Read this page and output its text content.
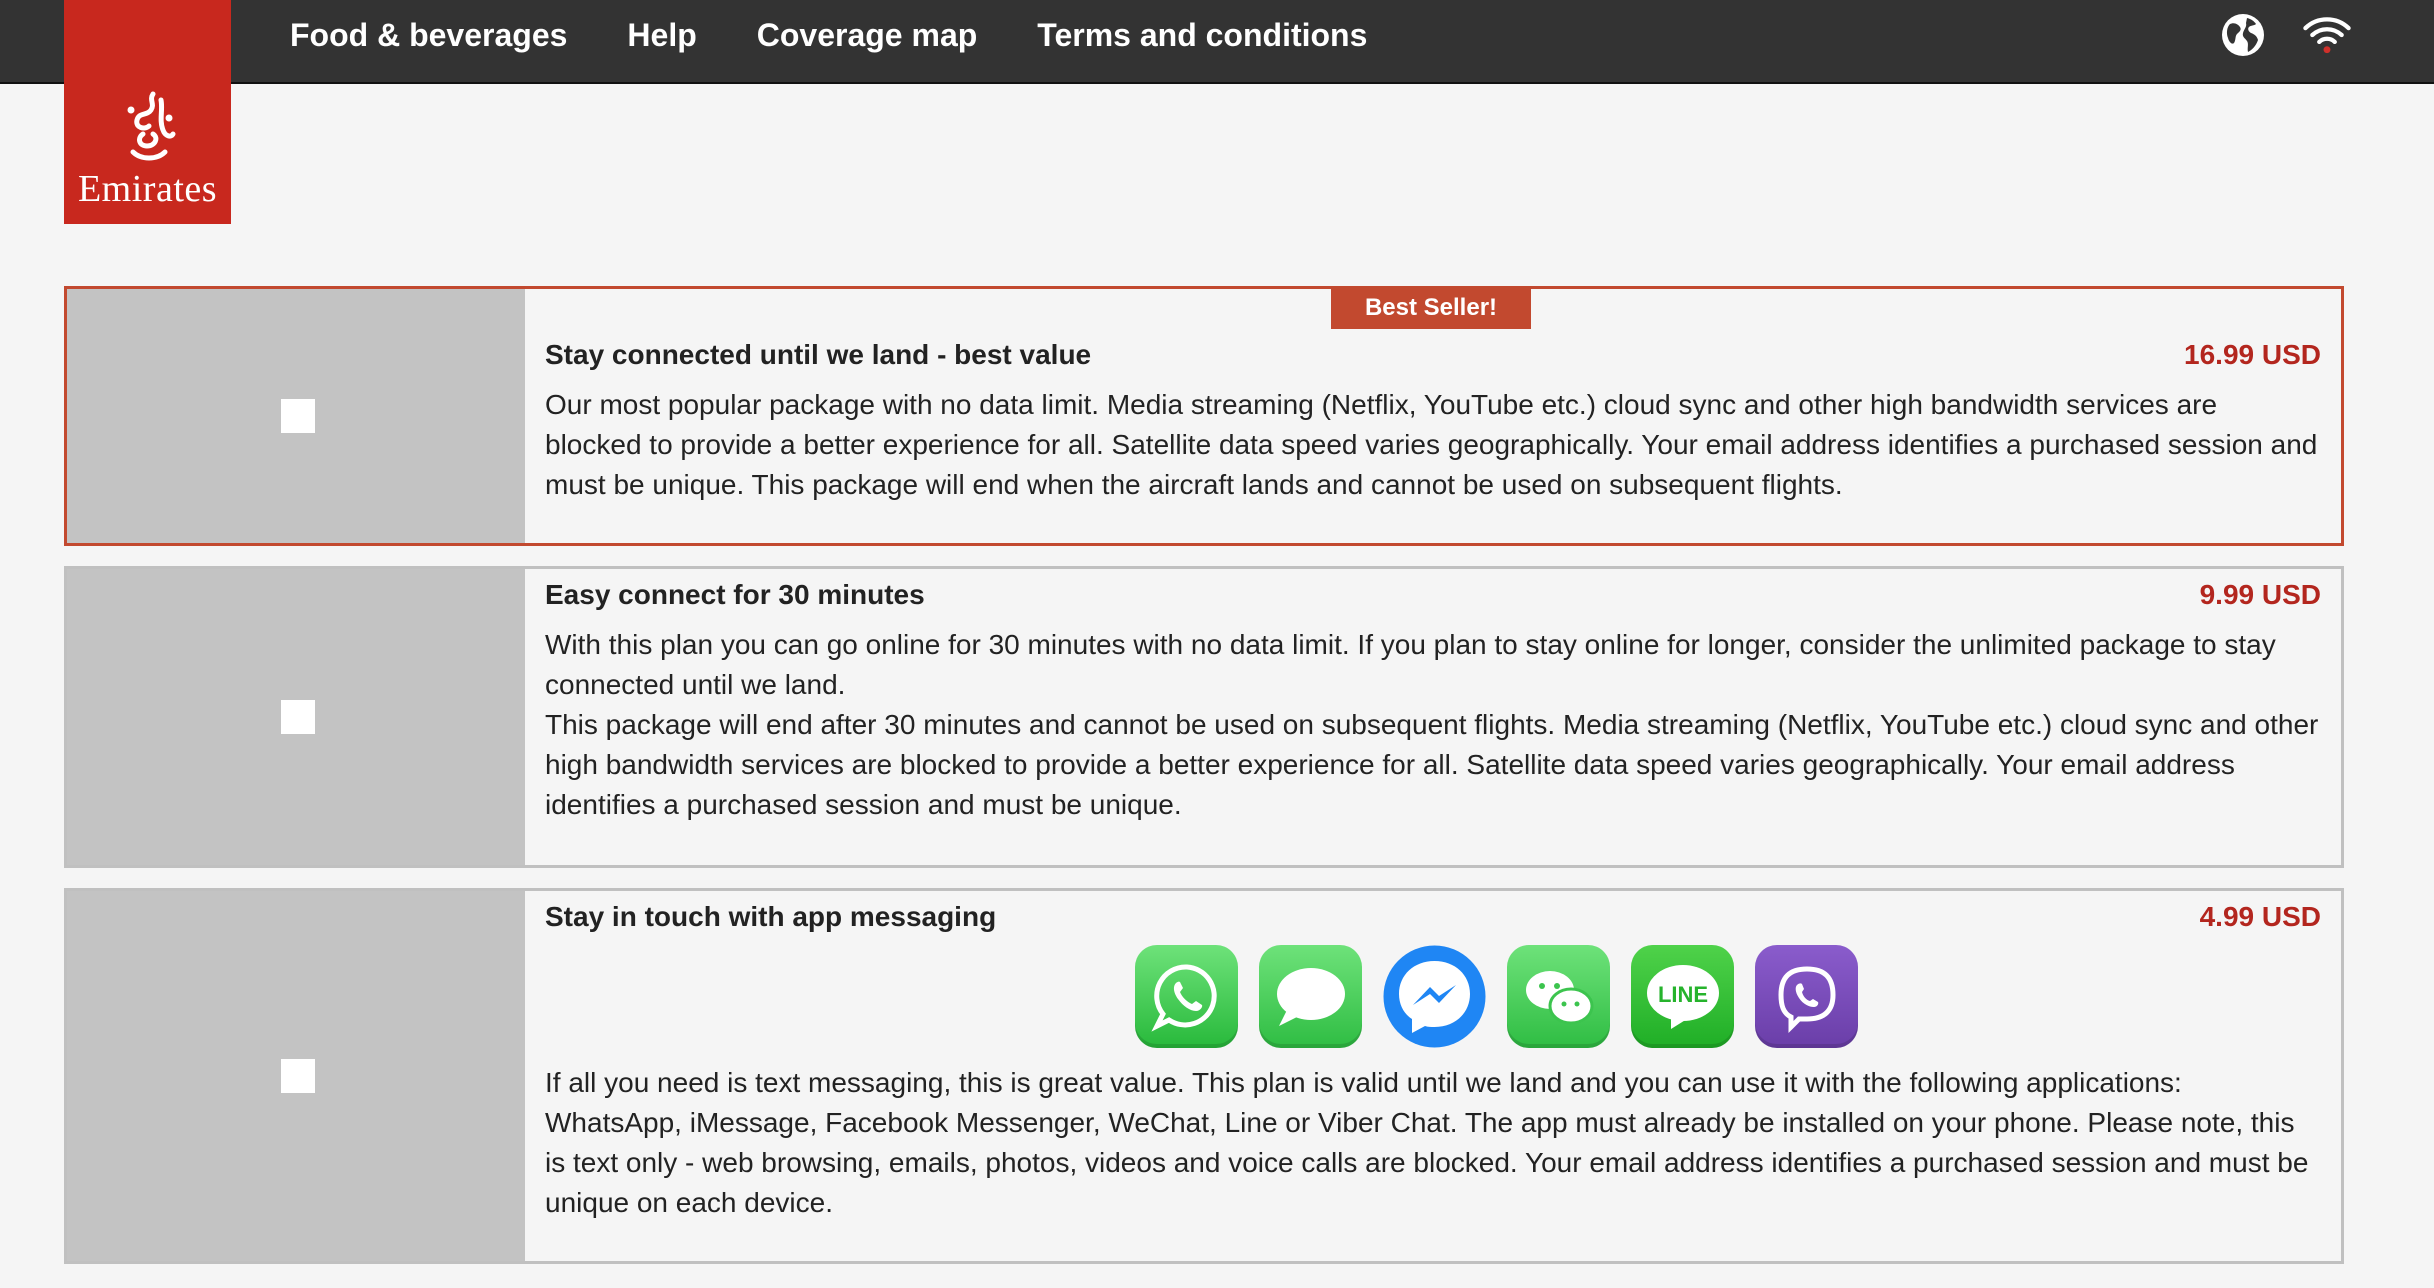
Food & beverages Help Coverage map Terms and conditions
Emirates
Best Seller!
Stay connected until we land - best value	16.99 USD
Our most popular package with no data limit. Media streaming (Netflix, YouTube etc.) cloud sync and other high bandwidth services are blocked to provide a better experience for all. Satellite data speed varies geographically. Your email address identifies a purchased session and must be unique. This package will end when the aircraft lands and cannot be used on subsequent flights.
Easy connect for 30 minutes	9.99 USD
With this plan you can go online for 30 minutes with no data limit. If you plan to stay online for longer, consider the unlimited package to stay connected until we land.
This package will end after 30 minutes and cannot be used on subsequent flights. Media streaming (Netflix, YouTube etc.) cloud sync and other high bandwidth services are blocked to provide a better experience for all. Satellite data speed varies geographically. Your email address identifies a purchased session and must be unique.
Stay in touch with app messaging	4.99 USD
LINE
If all you need is text messaging, this is great value. This plan is valid until we land and you can use it with the following applications: WhatsApp, iMessage, Facebook Messenger, WeChat, Line or Viber Chat. The app must already be installed on your phone. Please note, this is text only - web browsing, emails, photos, videos and voice calls are blocked. Your email address identifies a purchased session and must be unique on each device.
